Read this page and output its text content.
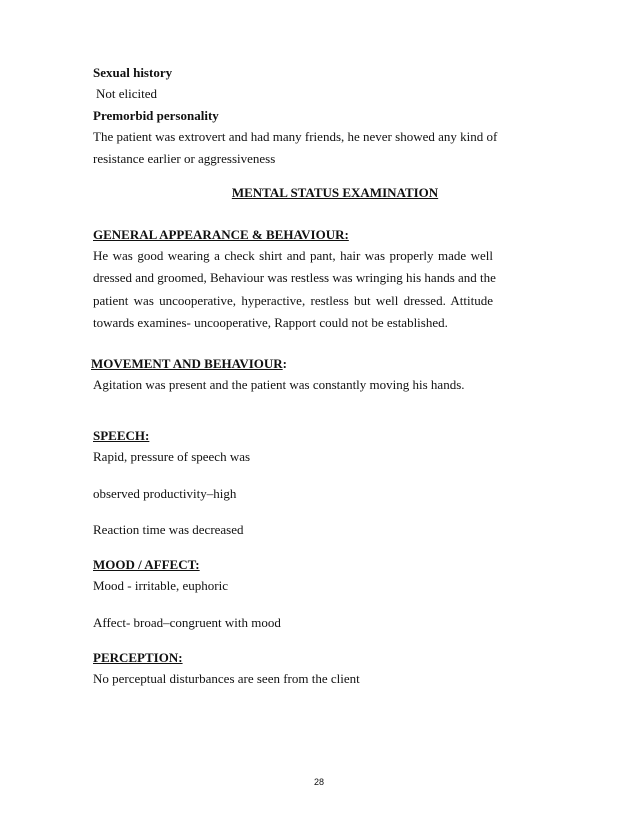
Sexual history
Not elicited
Premorbid personality
The patient was extrovert and had many friends, he never showed any kind of
resistance earlier or aggressiveness
MENTAL STATUS EXAMINATION
GENERAL APPEARANCE & BEHAVIOUR:
He was good wearing a check shirt and pant, hair was properly made well
dressed and groomed, Behaviour was restless was wringing his hands and the
patient was uncooperative, hyperactive, restless but well dressed. Attitude
towards examines- uncooperative, Rapport could not be established.
MOVEMENT AND BEHAVIOUR:
Agitation was present and the patient was constantly moving his hands.
SPEECH:
Rapid, pressure of speech was
observed productivity–high
Reaction time was decreased
MOOD / AFFECT:
Mood - irritable, euphoric
Affect- broad–congruent with mood
PERCEPTION:
No perceptual disturbances are seen from the client
28
